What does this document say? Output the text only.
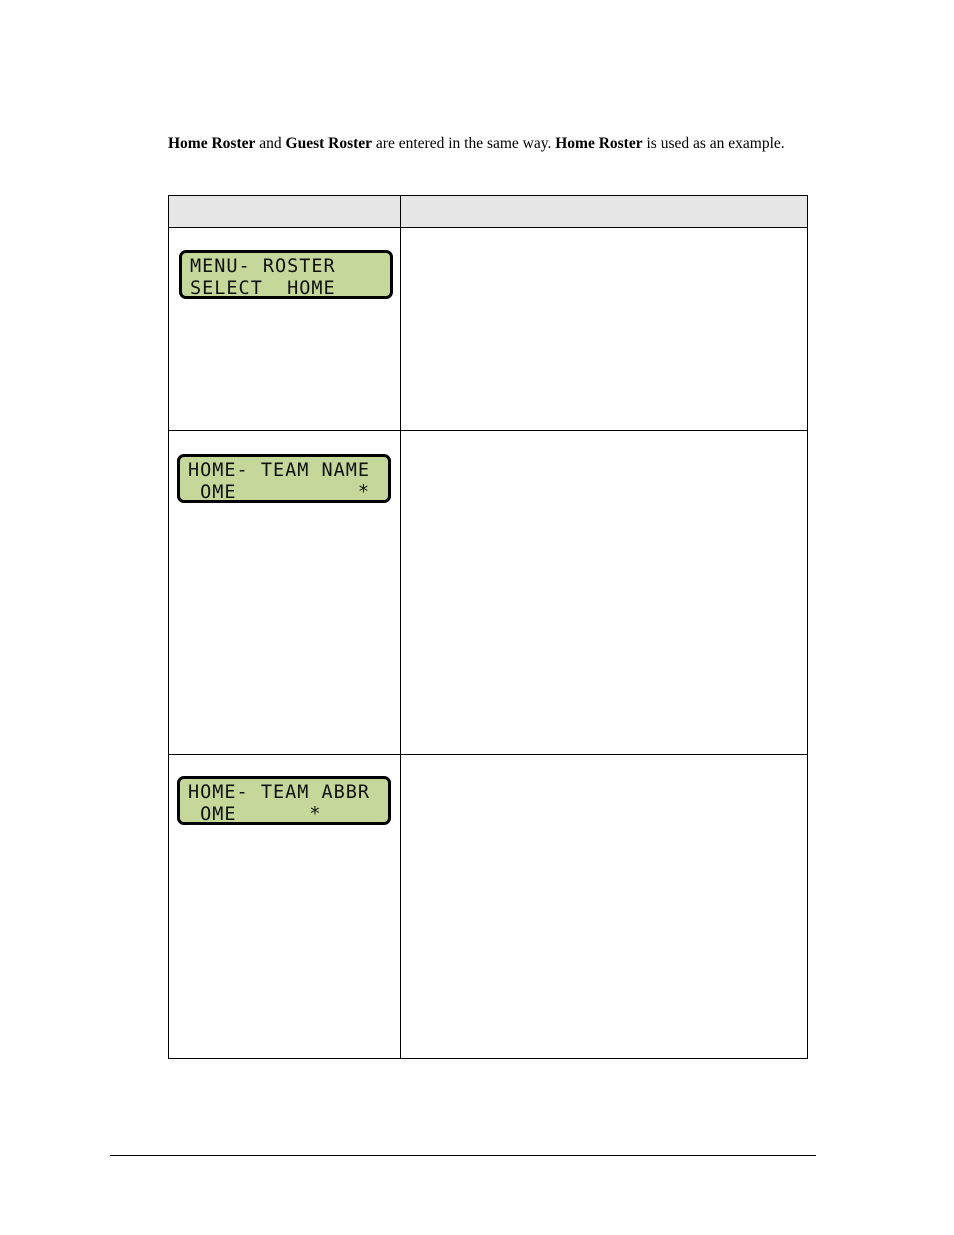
Home Roster and Guest Roster are entered in the same way. Home Roster is used as an example.

MENU- ROSTER
SELECT  HOME	

HOME- TEAM NAME
_OME          *	

HOME- TEAM ABBR
_OME      *	
